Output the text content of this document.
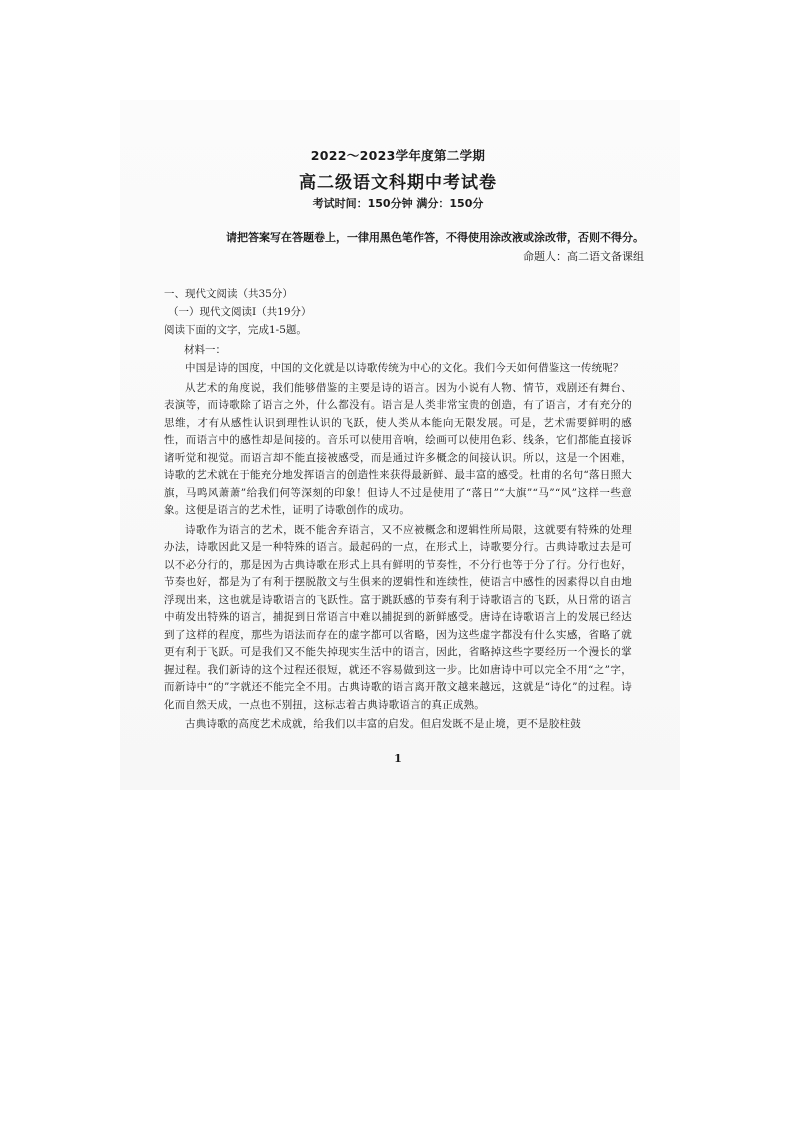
2022～2023学年度第二学期
高二级语文科期中考试卷
考试时间：150分钟 满分：150分
请把答案写在答题卷上，一律用黑色笔作答，不得使用涂改液或涂改带，否则不得分。
命题人：高二语文备课组
一、现代文阅读（共35分）
（一）现代文阅读Ⅰ（共19分）
阅读下面的文字，完成1-5题。
材料一：

中国是诗的国度，中国的文化就是以诗歌传统为中心的文化。我们今天如何借鉴这一传统呢？

从艺术的角度说，我们能够借鉴的主要是诗的语言。因为小说有人物、情节，戏剧还有舞台、表演等，而诗歌除了语言之外，什么都没有。语言是人类非常宝贵的创造，有了语言，才有充分的思维，才有从感性认识到理性认识的飞跃，使人类从本能向无限发展。可是，艺术需要鲜明的感性，而语言中的感性却是间接的。音乐可以使用音响，绘画可以使用色彩、线条，它们都能直接诉诸听觉和视觉。而语言却不能直接被感受，而是通过许多概念的间接认识。所以，这是一个困难，诗歌的艺术就在于能充分地发挥语言的创造性来获得最新鲜、最丰富的感受。杜甫的名句“落日照大旗，马鸣风萧萧”给我们何等深刻的印象！但诗人不过是使用了“落日”“大旗”“马”“风”这样一些意象。这便是语言的艺术性，证明了诗歌创作的成功。

诗歌作为语言的艺术，既不能舍弃语言，又不应被概念和逻辑性所局限，这就要有特殊的处理办法，诗歌因此又是一种特殊的语言。最起码的一点，在形式上，诗歌要分行。古典诗歌过去是可以不必分行的，那是因为古典诗歌在形式上具有鲜明的节奏性，不分行也等于分了行。分行也好，节奏也好，都是为了有利于摆脱散文与生俱来的逻辑性和连续性，使语言中感性的因素得以自由地浮现出来，这也就是诗歌语言的飞跃性。富于跳跃感的节奏有利于诗歌语言的飞跃，从日常的语言中萌发出特殊的语言，捕捉到日常语言中难以捕捉到的新鲜感受。唐诗在诗歌语言上的发展已经达到了这样的程度，那些为语法而存在的虚字都可以省略，因为这些虚字都没有什么实感，省略了就更有利于飞跃。可是我们又不能失掉现实生活中的语言，因此，省略掉这些字要经历一个漫长的掌握过程。我们新诗的这个过程还很短，就还不容易做到这一步。比如唐诗中可以完全不用“之”字，而新诗中“的”字就还不能完全不用。古典诗歌的语言离开散文越来越远，这就是“诗化”的过程。诗化而自然天成，一点也不别扭，这标志着古典诗歌语言的真正成熟。

古典诗歌的高度艺术成就，给我们以丰富的启发。但启发既不是止境，更不是胶柱鼓

1
